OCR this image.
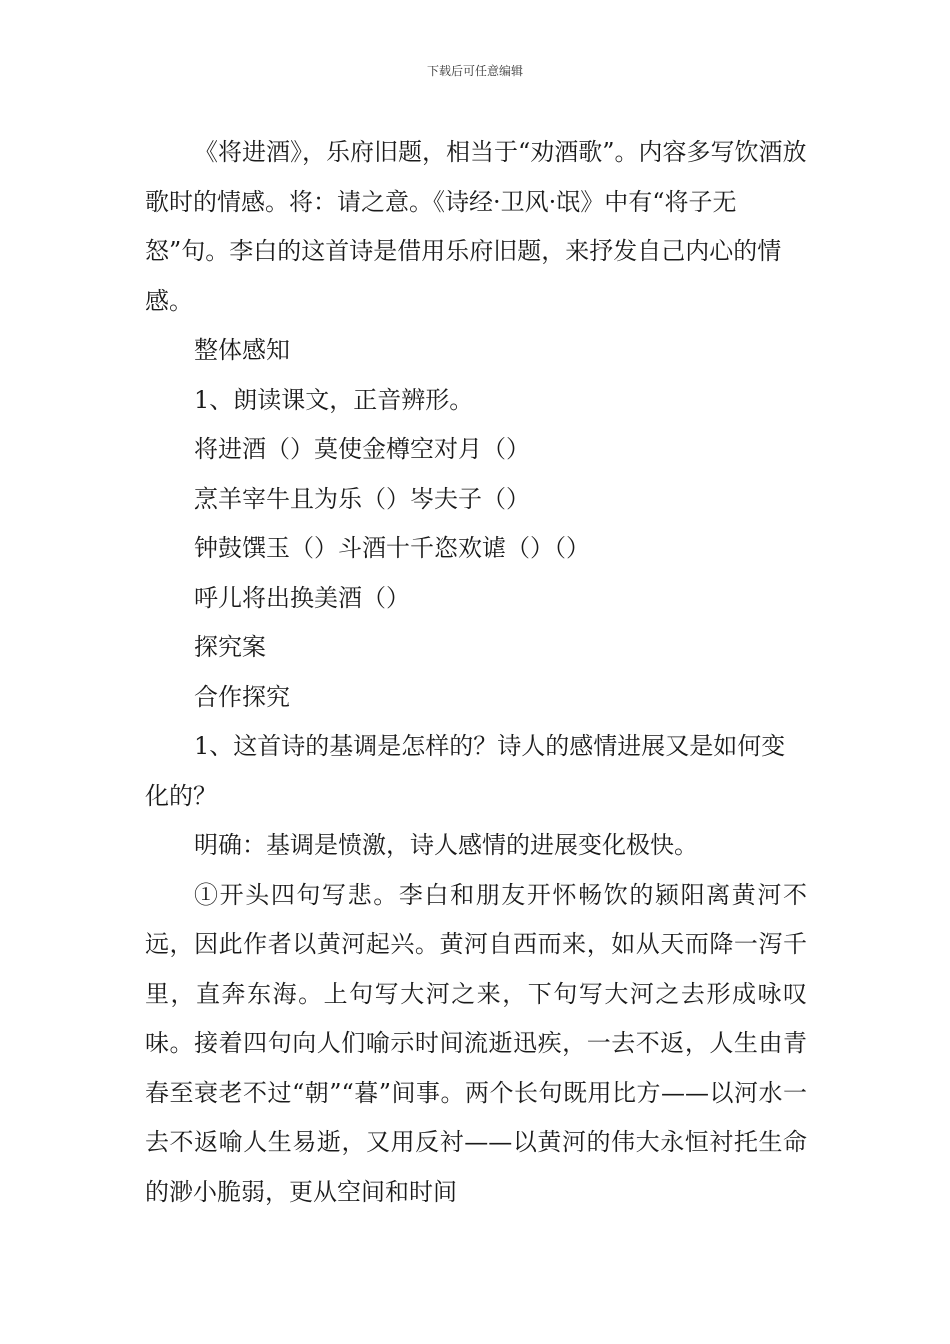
下载后可任意编辑

《将进酒》，乐府旧题，相当于“劝酒歌”。内容多写饮酒放歌时的情感。将：请之意。《诗经·卫风·氓》中有“将子无怒”句。李白的这首诗是借用乐府旧题，来抒发自己内心的情感。

整体感知

1、朗读课文，正音辨形。

将进酒（）莫使金樽空对月（）

烹羊宰牛且为乐（）岑夫子（）

钟鼓馔玉（）斗酒十千恣欢谑（）（）

呼儿将出换美酒（）

探究案

合作探究

1、这首诗的基调是怎样的？诗人的感情进展又是如何变化的？

明确：基调是愤激，诗人感情的进展变化极快。

①开头四句写悲。李白和朋友开怀畅饮的颍阳离黄河不远，因此作者以黄河起兴。黄河自西而来，如从天而降一泻千里，直奔东海。上句写大河之来，下句写大河之去形成咏叹味。接着四句向人们喻示时间流逝迅疾，一去不返，人生由青春至衰老不过“朝”“暮”间事。两个长句既用比方——以河水一去不返喻人生易逝，又用反衬——以黄河的伟大永恒衬托生命的渺小脆弱，更从空间和时间
